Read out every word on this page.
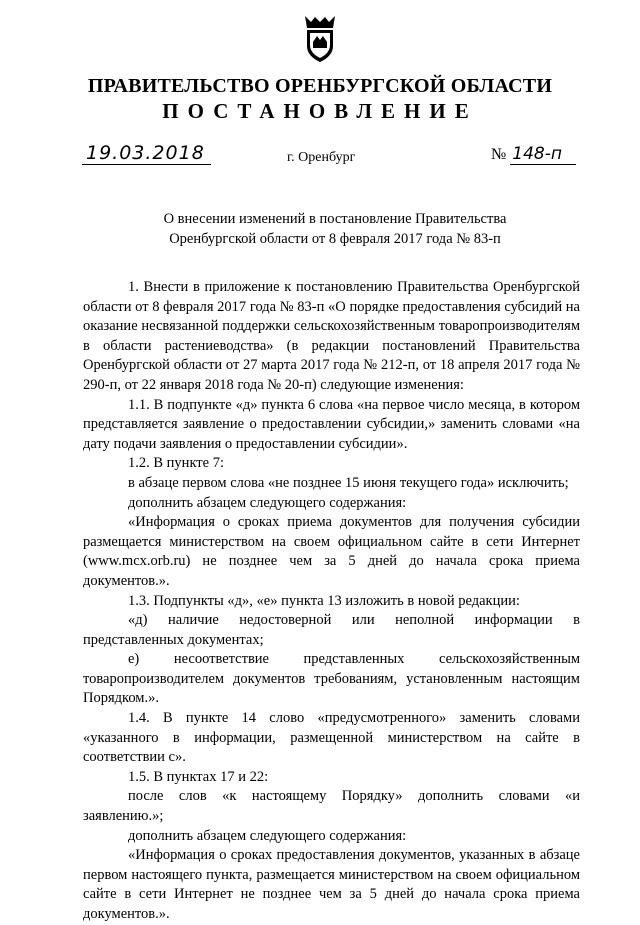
ПРАВИТЕЛЬСТВО ОРЕНБУРГСКОЙ ОБЛАСТИ
ПОСТАНОВЛЕНИЕ
19.03.2018	г. Оренбург	№ 148-п
О внесении изменений в постановление Правительства
Оренбургской области от 8 февраля 2017 года № 83-п

1. Внести в приложение к постановлению Правительства Оренбургской области от 8 февраля 2017 года № 83-п «О порядке предоставления субсидий на оказание несвязанной поддержки сельскохозяйственным товаропроизводителям в области растениеводства» (в редакции постановлений Правительства Оренбургской области от 27 марта 2017 года № 212-п, от 18 апреля 2017 года № 290-п, от 22 января 2018 года № 20-п) следующие изменения:

1.1. В подпункте «д» пункта 6 слова «на первое число месяца, в котором представляется заявление о предоставлении субсидии,» заменить словами «на дату подачи заявления о предоставлении субсидии».

1.2. В пункте 7:

в абзаце первом слова «не позднее 15 июня текущего года» исключить;

дополнить абзацем следующего содержания:

«Информация о сроках приема документов для получения субсидии размещается министерством на своем официальном сайте в сети Интернет (www.mcx.orb.ru) не позднее чем за 5 дней до начала срока приема документов.».

1.3. Подпункты «д», «е» пункта 13 изложить в новой редакции:

«д) наличие недостоверной или неполной информации в представленных документах;

е) несоответствие представленных сельскохозяйственным товаропроизводителем документов требованиям, установленным настоящим Порядком.».

1.4. В пункте 14 слово «предусмотренного» заменить словами «указанного в информации, размещенной министерством на сайте в соответствии с».

1.5. В пунктах 17 и 22:

после слов «к настоящему Порядку» дополнить словами «и заявлению.»;

дополнить абзацем следующего содержания:

«Информация о сроках предоставления документов, указанных в абзаце первом настоящего пункта, размещается министерством на своем официальном сайте в сети Интернет не позднее чем за 5 дней до начала срока приема документов.».
